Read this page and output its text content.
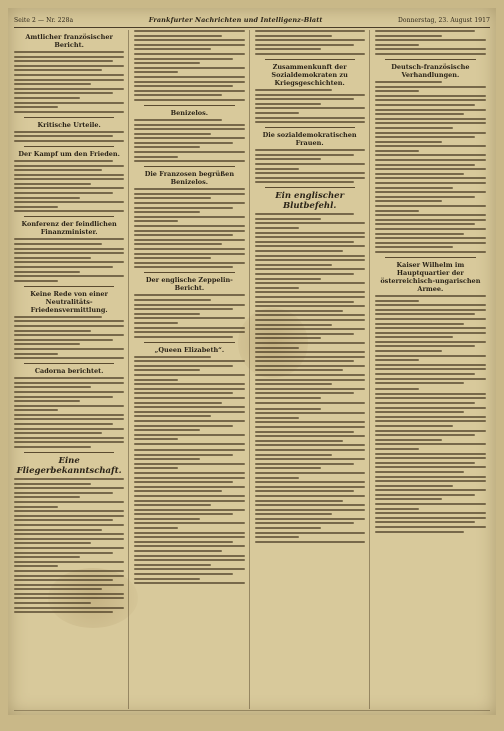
Seite 2 — Nr. 228a	Frankfurter Nachrichten und Intelligenz-Blatt	Donnerstag, 23. August 1917
Amtlicher französischer Bericht.
Kritische Urteile.
Der Kampf um den Frieden.
Konferenz der feindlichen Finanzminister.
Keine Rede von einer Neutralitäts-Friedensvermittlung.
Cadorna berichtet.
Eine Fliegerbekanntschaft.
Benizelos.
Die Franzosen begrüßen Benizelos.
Der englische Zeppelin-Bericht.
„Queen Elizabeth“.
Zusammenkunft der Sozialdemokraten zu Kriegsgeschichten.
Die sozialdemokratischen Frauen.
Ein englischer Blutbefehl.
Deutsch-französische Verhandlungen.
Kaiser Wilhelm im Hauptquartier der österreichisch-ungarischen Armee.
